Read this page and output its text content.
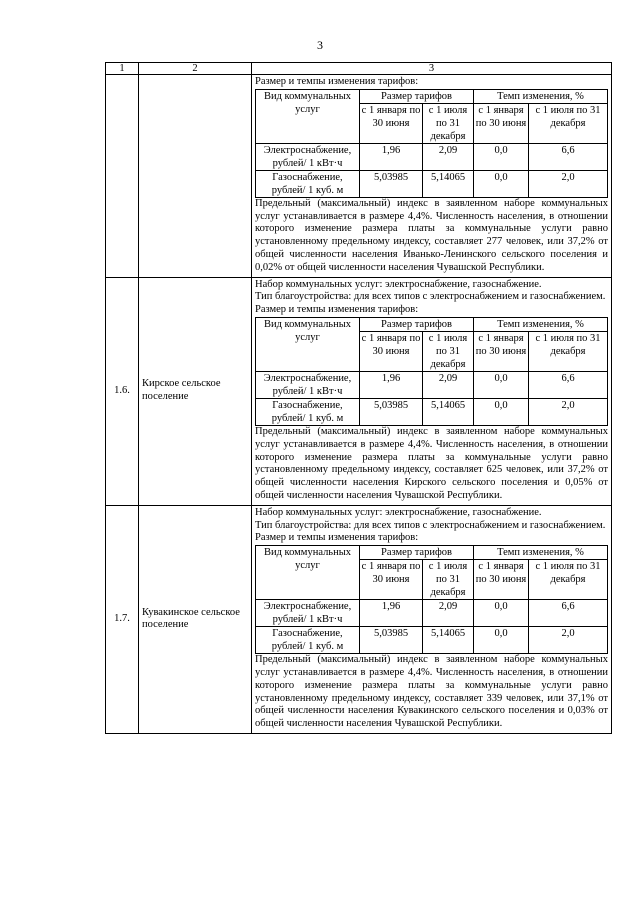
3
1	2	3

Размер и темпы изменения тарифов:
Вид коммунальных услуг	Размер тарифов	Темп изменения, %
с 1 января по 30 июня	с 1 июля по 31 декабря	с 1 января по 30 июня	с 1 июля по 31 декабря
Электроснабжение, рублей/ 1 кВт·ч	1,96	2,09	0,0	6,6
Газоснабжение, рублей/ 1 куб. м	5,03985	5,14065	0,0	2,0
Предельный (максимальный) индекс в заявленном наборе коммунальных услуг устанавливается в размере 4,4%. Численность населения, в отношении которого изменение размера платы за коммунальные услуги равно установленному предельному индексу, составляет 277 человек, или 37,2% от общей численности населения Иванько-Ленинского сельского поселения и 0,02% от общей численности населения Чувашской Республики.

1.6.	Кирское сельское поселение	
Набор коммунальных услуг: электроснабжение, газоснабжение.
Тип благоустройства: для всех типов с электроснабжением и газоснабжением.
Размер и темпы изменения тарифов:
Вид коммунальных услуг	Размер тарифов	Темп изменения, %
с 1 января по 30 июня	с 1 июля по 31 декабря	с 1 января по 30 июня	с 1 июля по 31 декабря
Электроснабжение, рублей/ 1 кВт·ч	1,96	2,09	0,0	6,6
Газоснабжение, рублей/ 1 куб. м	5,03985	5,14065	0,0	2,0
Предельный (максимальный) индекс в заявленном наборе коммунальных услуг устанавливается в размере 4,4%. Численность населения, в отношении которого изменение размера платы за коммунальные услуги равно установленному предельному индексу, составляет 625 человек, или 37,2% от общей численности населения Кирского сельского поселения и 0,05% от общей численности населения Чувашской Республики.

1.7.	Кувакинское сельское поселение	
Набор коммунальных услуг: электроснабжение, газоснабжение.
Тип благоустройства: для всех типов с электроснабжением и газоснабжением.
Размер и темпы изменения тарифов:
Вид коммунальных услуг	Размер тарифов	Темп изменения, %
с 1 января по 30 июня	с 1 июля по 31 декабря	с 1 января по 30 июня	с 1 июля по 31 декабря
Электроснабжение, рублей/ 1 кВт·ч	1,96	2,09	0,0	6,6
Газоснабжение, рублей/ 1 куб. м	5,03985	5,14065	0,0	2,0
Предельный (максимальный) индекс в заявленном наборе коммунальных услуг устанавливается в размере 4,4%. Численность населения, в отношении которого изменение размера платы за коммунальные услуги равно установленному предельному индексу, составляет 339 человек, или 37,1% от общей численности населения Кувакинского сельского поселения и 0,03% от общей численности населения Чувашской Республики.
